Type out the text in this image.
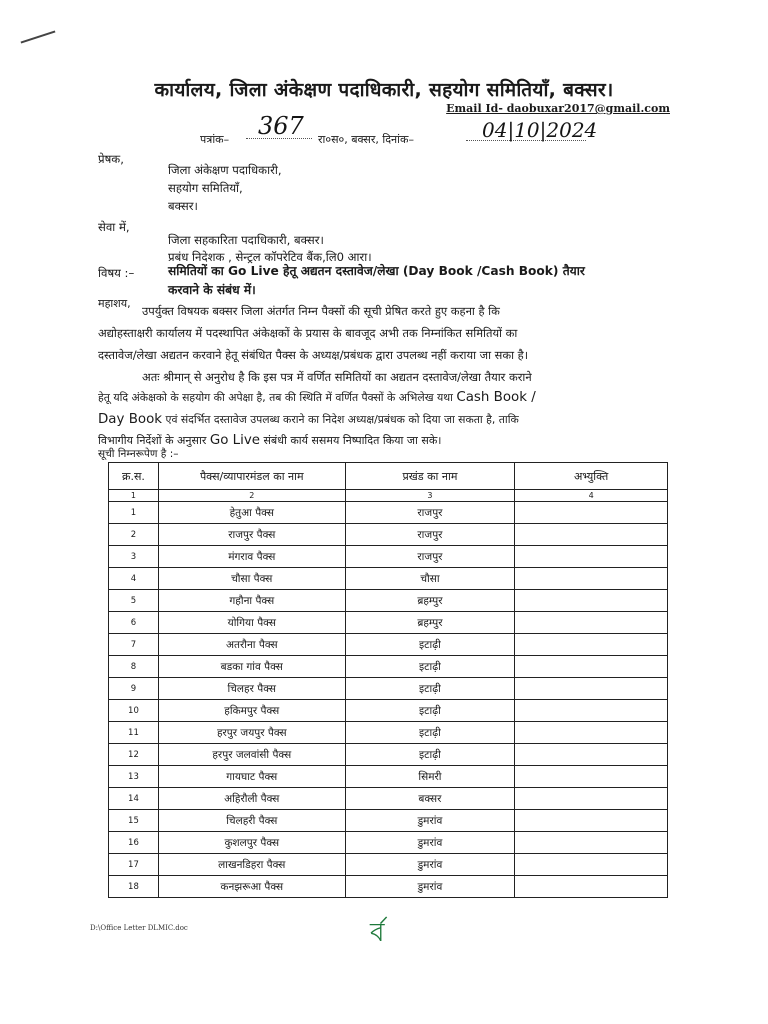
कार्यालय, जिला अंकेक्षण पदाधिकारी, सहयोग समितियाँ, बक्सर।
Email Id- daobuxar2017@gmail.com
पत्रांक– 367 रा०स०, बक्सर, दिनांक–	04|10|2024
प्रेषक,
जिला अंकेक्षण पदाधिकारी,
सहयोग समितियाँ,
बक्सर।
सेवा में,
जिला सहकारिता पदाधिकारी, बक्सर।
प्रबंध निदेशक , सेन्ट्रल कॉपरेटिव बैंक,लि0 आरा।
विषय :–	समितियों का Go Live हेतू अद्यतन दस्तावेज/लेखा (Day Book /Cash Book) तैयार
करवाने के संबंध में।
महाशय,
उपर्युक्त विषयक बक्सर जिला अंतर्गत निम्न पैक्सों की सूची प्रेषित करते हुए कहना है कि
अद्योहस्ताक्षरी कार्यालय में पदस्थापित अंकेक्षकों के प्रयास के बावजूद अभी तक निम्नांकित समितियों का
दस्तावेज/लेखा अद्यतन करवाने हेतू संबंधित पैक्स के अध्यक्ष/प्रबंधक द्वारा उपलब्ध नहीं कराया जा सका है।
अतः श्रीमान् से अनुरोध है कि इस पत्र में वर्णित समितियों का अद्यतन दस्तावेज/लेखा तैयार कराने
हेतू यदि अंकेक्षको के सहयोग की अपेक्षा है, तब की स्थिति में वर्णित पैक्सों के अभिलेख यथा Cash Book /
Day Book एवं संदर्भित दस्तावेज उपलब्ध कराने का निदेश अध्यक्ष/प्रबंधक को दिया जा सकता है, ताकि
विभागीय निर्देशों के अनुसार Go Live संबंधी कार्य ससमय निष्पादित किया जा सके।
सूची निम्नरूपेण है :–
क्र.स.	पैक्स/व्यापारमंडल का नाम	प्रखंड का नाम	अभ्युक्ति
1	2	3	4
1	हेतुआ पैक्स	राजपुर	
2	राजपुर पैक्स	राजपुर	
3	मंगराव पैक्स	राजपुर	
4	चौसा पैक्स	चौसा	
5	गहौना पैक्स	ब्रहम्पुर	
6	योगिया पैक्स	ब्रहम्पुर	
7	अतरौना पैक्स	इटाढ़ी	
8	बडका गांव पैक्स	इटाढ़ी	
9	चिलहर पैक्स	इटाढ़ी	
10	हकिमपुर पैक्स	इटाढ़ी	
11	हरपुर जयपुर पैक्स	इटाढ़ी	
12	हरपुर जलवांसी पैक्स	इटाढ़ी	
13	गायघाट पैक्स	सिमरी	
14	अहिरौली पैक्स	बक्सर	
15	चिलहरी पैक्स	डुमरांव	
16	कुशलपुर पैक्स	डुमरांव	
17	लाखनडिहरा पैक्स	डुमरांव	
18	कनझरूआ पैक्स	डुमरांव	
D:\Office Letter DLMIC.doc	ৰ্ব
